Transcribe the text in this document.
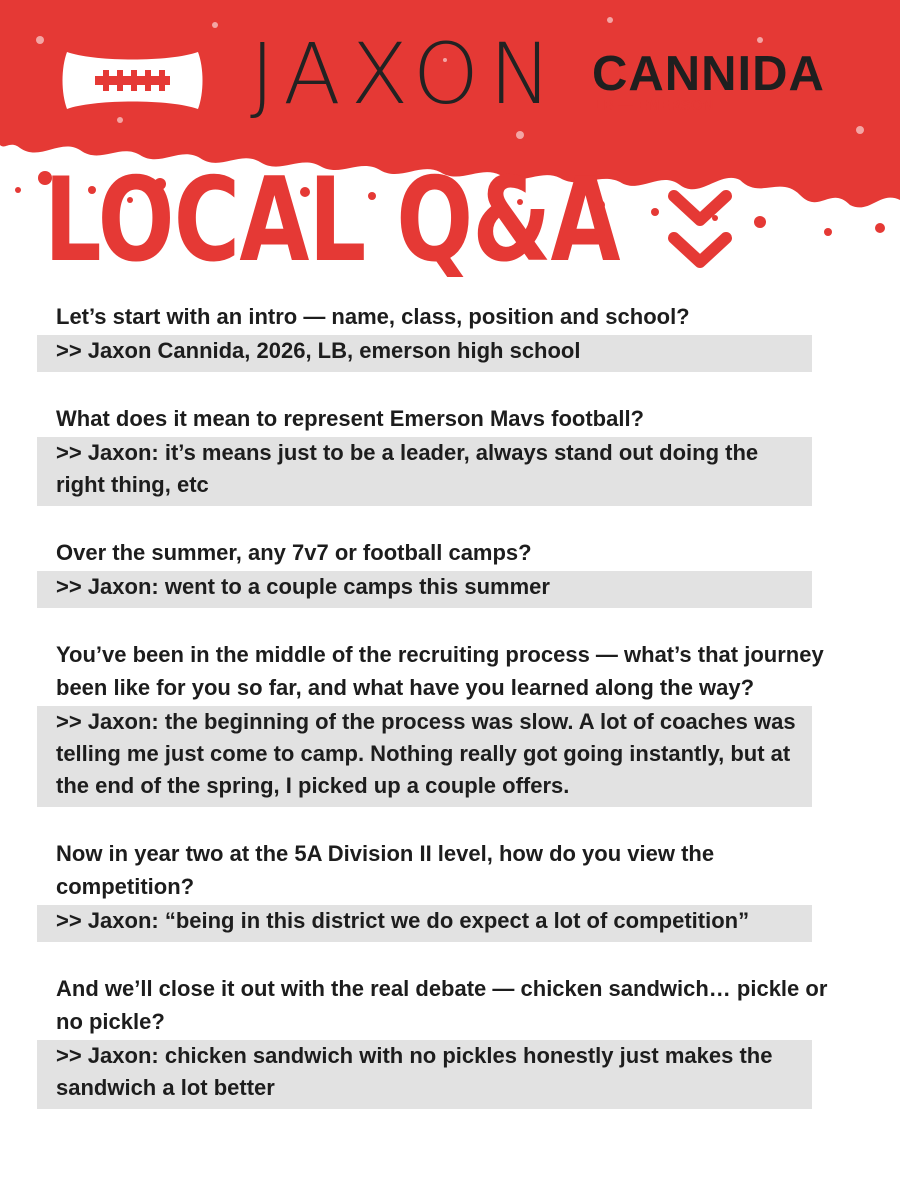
JAXON CANNIDA
LB — EMERSON
LOCAL Q&A
Let’s start with an intro — name, class, position and school?
>> Jaxon Cannida, 2026, LB, emerson high school
What does it mean to represent Emerson Mavs football?
>> Jaxon: it’s means just to be a leader, always stand out doing the right thing, etc
Over the summer, any 7v7 or football camps?
>> Jaxon: went to a couple camps this summer
You’ve been in the middle of the recruiting process — what’s that journey been like for you so far, and what have you learned along the way?
>> Jaxon: the beginning of the process was slow. A lot of coaches was telling me just come to camp. Nothing really got going instantly, but at the end of the spring, I picked up a couple offers.
Now in year two at the 5A Division II level, how do you view the competition?
>> Jaxon: “being in this district we do expect a lot of competition”
And we’ll close it out with the real debate — chicken sandwich… pickle or no pickle?
>> Jaxon: chicken sandwich with no pickles honestly just makes the sandwich a lot better
